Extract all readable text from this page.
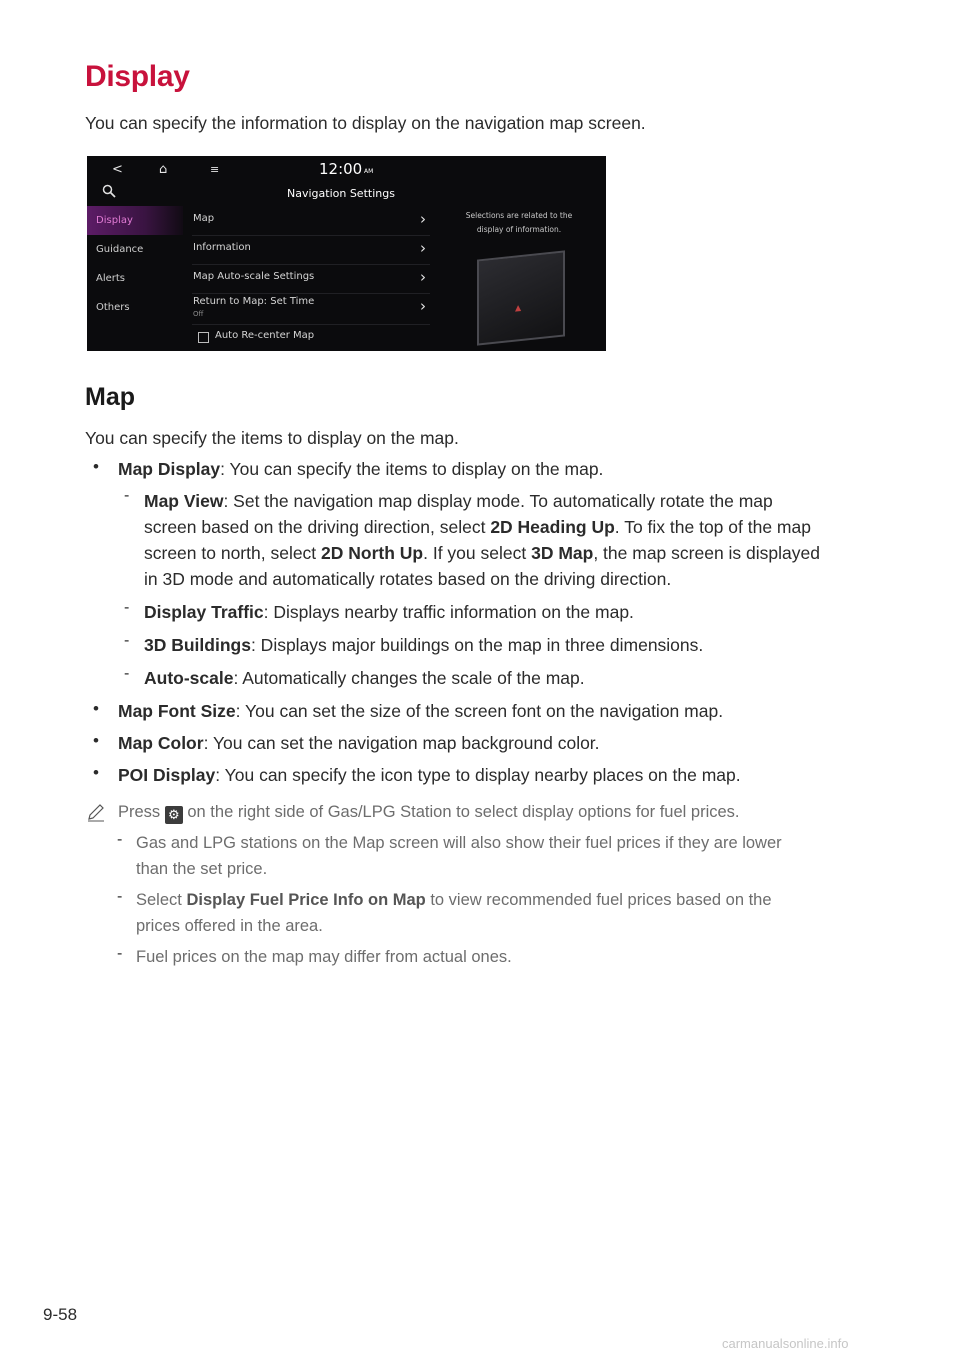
Display
You can specify the information to display on the navigation map screen.
<	⌂	≡	12:00 AM
Navigation Settings
Display
Guidance
Alerts
Others
Map	›
Information	›
Map Auto-scale Settings	›
Return to Map: Set Time
Off	›
Auto Re-center Map
Selections are related to the
display of information.
▲
Map
You can specify the items to display on the map.
• Map Display: You can specify the items to display on the map.
- Map View: Set the navigation map display mode. To automatically rotate the map
screen based on the driving direction, select 2D Heading Up. To fix the top of the map
screen to north, select 2D North Up. If you select 3D Map, the map screen is displayed
in 3D mode and automatically rotates based on the driving direction.
- Display Traffic: Displays nearby traffic information on the map.
- 3D Buildings: Displays major buildings on the map in three dimensions.
- Auto-scale: Automatically changes the scale of the map.
• Map Font Size: You can set the size of the screen font on the navigation map.
• Map Color: You can set the navigation map background color.
• POI Display: You can specify the icon type to display nearby places on the map.
Press ⚙ on the right side of Gas/LPG Station to select display options for fuel prices.
- Gas and LPG stations on the Map screen will also show their fuel prices if they are lower
than the set price.
- Select Display Fuel Price Info on Map to view recommended fuel prices based on the
prices offered in the area.
- Fuel prices on the map may differ from actual ones.
9-58
carmanualsonline.info
